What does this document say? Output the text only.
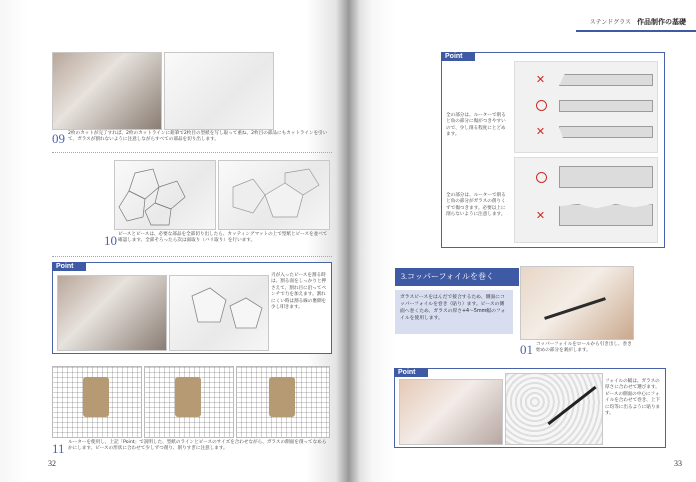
09 2枚のカットが完了すれば、2枚のカットラインに鉛筆で2枚目の型紙を写し取って重ね、2枚目の部品にもカットラインを引いて、ガラスが割れないように注意しながらすべての部品を切り出します。
10 ピースとピースは、必要な部品を全部切り出したら、カッティングマットの上で型紙とピースを並べて確認します。全部そろったら次は面取り（バリ取り）を行います。
Point
刃が入ったピースを割る時は、割る面をしっかりと押さえて、割れ目に沿ってペンチで力を加えます。割れにくい時は割る線の裏側を少し叩きます。
11 ルーターを使用し、上記「Point」で説明した、型紙のラインとピースのサイズを合わせながら、ガラスの側面を削ってなめらかにします。ピースの形状に合わせて少しずつ削り、削りすぎに注意します。
32	33
ステンドグラス 作品制作の基礎
Point
全の部分は、ルーターで削ると角の部分に傷がつきやすいので、少し削る程度にとどめます。
全の部分は、ルーターで削ると角の部分がガラスの削りくずで傷つきます。必要以上に削らないように注意します。
✕
✕
✕
3.コッパーフォイルを巻く
ガラスピースをはんだで接合するため、側面にコッパーフォイルを巻き（貼り）ます。ピースの側面へ巻くため、ガラスの厚さ+4〜5mm幅のフォイルを使用します。
01 コッパーフォイルをロールから引き出し、巻き始めの部分を剥がします。
Point
フォイルの幅は、ガラスの厚さに合わせて選びます。ピースの側面の中心にフォイルを合わせて巻き、上下に均等に出るように貼ります。
